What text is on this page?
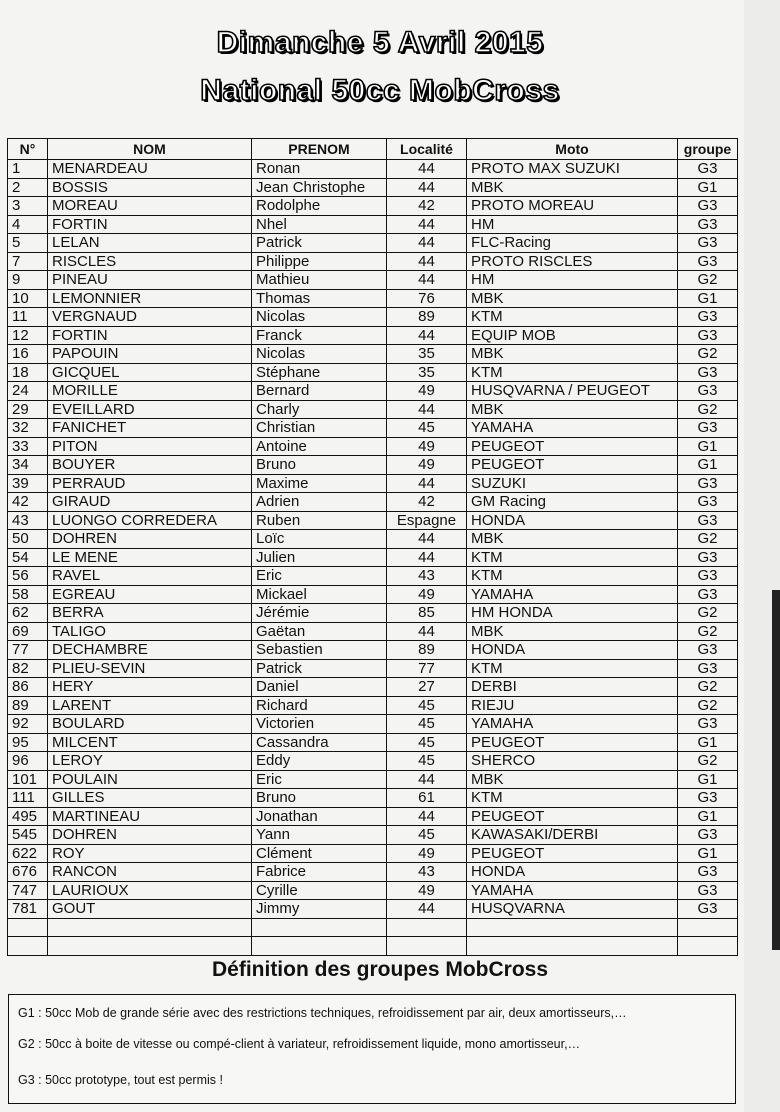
Dimanche 5 Avril 2015
National 50cc MobCross
N°	NOM	PRENOM	Localité	Moto	groupe
1	MENARDEAU	Ronan	44	PROTO MAX SUZUKI	G3
2	BOSSIS	Jean Christophe	44	MBK	G1
3	MOREAU	Rodolphe	42	PROTO MOREAU	G3
4	FORTIN	Nhel	44	HM	G3
5	LELAN	Patrick	44	FLC-Racing	G3
7	RISCLES	Philippe	44	PROTO RISCLES	G3
9	PINEAU	Mathieu	44	HM	G2
10	LEMONNIER	Thomas	76	MBK	G1
11	VERGNAUD	Nicolas	89	KTM	G3
12	FORTIN	Franck	44	EQUIP MOB	G3
16	PAPOUIN	Nicolas	35	MBK	G2
18	GICQUEL	Stéphane	35	KTM	G3
24	MORILLE	Bernard	49	HUSQVARNA / PEUGEOT	G3
29	EVEILLARD	Charly	44	MBK	G2
32	FANICHET	Christian	45	YAMAHA	G3
33	PITON	Antoine	49	PEUGEOT	G1
34	BOUYER	Bruno	49	PEUGEOT	G1
39	PERRAUD	Maxime	44	SUZUKI	G3
42	GIRAUD	Adrien	42	GM Racing	G3
43	LUONGO CORREDERA	Ruben	Espagne	HONDA	G3
50	DOHREN	Loïc	44	MBK	G2
54	LE MENE	Julien	44	KTM	G3
56	RAVEL	Eric	43	KTM	G3
58	EGREAU	Mickael	49	YAMAHA	G3
62	BERRA	Jérémie	85	HM HONDA	G2
69	TALIGO	Gaëtan	44	MBK	G2
77	DECHAMBRE	Sebastien	89	HONDA	G3
82	PLIEU-SEVIN	Patrick	77	KTM	G3
86	HERY	Daniel	27	DERBI	G2
89	LARENT	Richard	45	RIEJU	G2
92	BOULARD	Victorien	45	YAMAHA	G3
95	MILCENT	Cassandra	45	PEUGEOT	G1
96	LEROY	Eddy	45	SHERCO	G2
101	POULAIN	Eric	44	MBK	G1
111	GILLES	Bruno	61	KTM	G3
495	MARTINEAU	Jonathan	44	PEUGEOT	G1
545	DOHREN	Yann	45	KAWASAKI/DERBI	G3
622	ROY	Clément	49	PEUGEOT	G1
676	RANCON	Fabrice	43	HONDA	G3
747	LAURIOUX	Cyrille	49	YAMAHA	G3
781	GOUT	Jimmy	44	HUSQVARNA	G3

Définition des groupes MobCross
G1 : 50cc Mob de grande série avec des restrictions techniques, refroidissement par air, deux amortisseurs,…
G2 : 50cc à boite de vitesse ou compé-client à variateur, refroidissement liquide, mono amortisseur,…
G3 : 50cc prototype, tout est permis !
